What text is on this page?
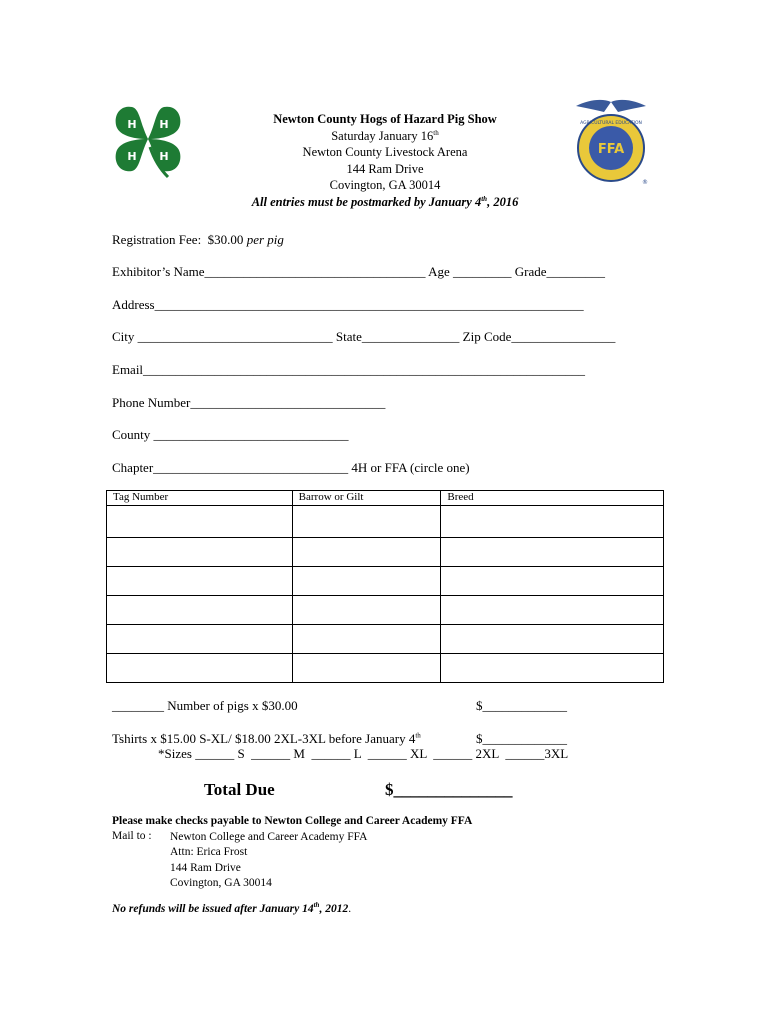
H H
H H	FFA
AGRICULTURAL EDUCATION
®
Newton County Hogs of Hazard Pig Show
Saturday January 16th
Newton County Livestock Arena
144 Ram Drive
Covington, GA 30014
All entries must be postmarked by January 4th, 2016
Registration Fee:  $30.00 per pig
Exhibitor’s Name__________________________________ Age _________ Grade_________
Address__________________________________________________________________
City ______________________________ State_______________ Zip Code________________
Email____________________________________________________________________
Phone Number______________________________
County ______________________________
Chapter______________________________ 4H or FFA (circle one)
Tag Number	Barrow or Gilt	Breed

________ Number of pigs x $30.00	$_____________
Tshirts x $15.00 S-XL/ $18.00 2XL-3XL before January 4th	$_____________
*Sizes ______ S  ______ M  ______ L  ______ XL  ______ 2XL  ______3XL
Total Due	$______________
Please make checks payable to Newton College and Career Academy FFA
Mail to : Newton College and Career Academy FFA
Attn: Erica Frost
144 Ram Drive
Covington, GA 30014
No refunds will be issued after January 14th, 2012.
